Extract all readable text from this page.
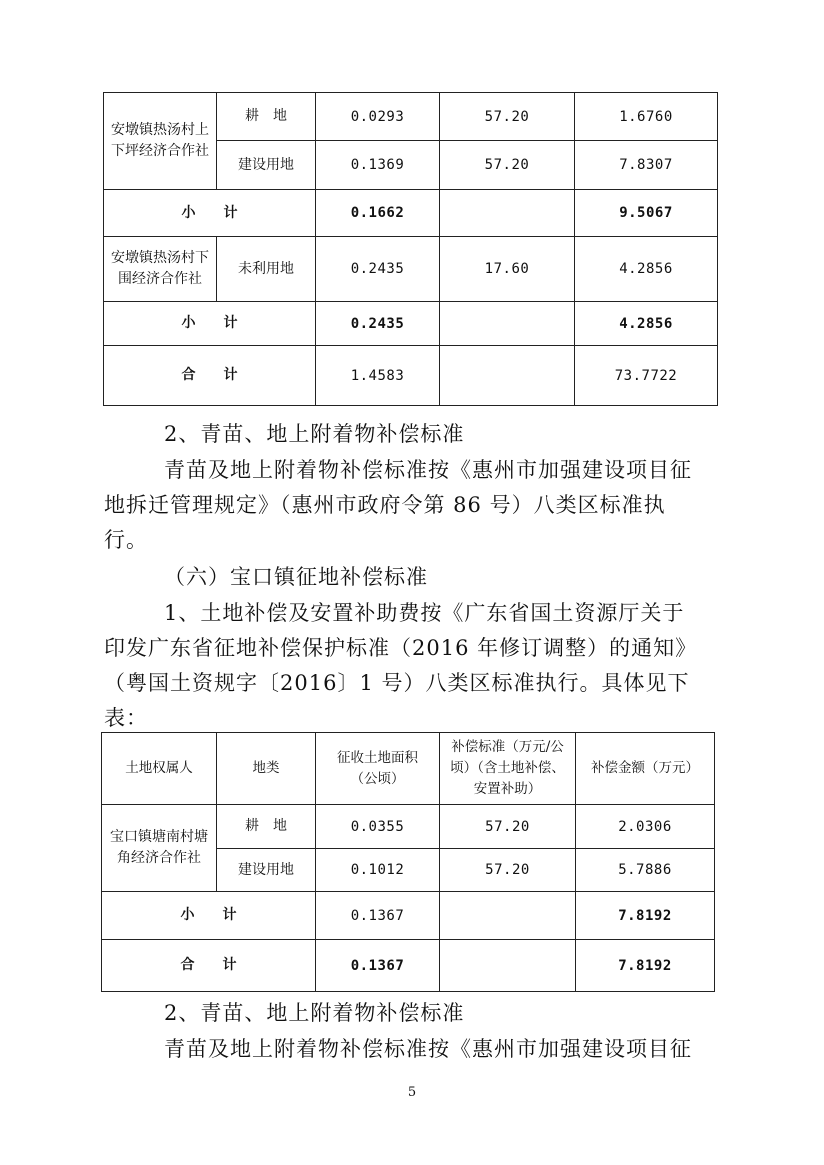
安墩镇热汤村上下坪经济合作社	耕　地	0.0293	57.20	1.6760
	建设用地	0.1369	57.20	7.8307
小　　计		0.1662		9.5067
安墩镇热汤村下围经济合作社	未利用地	0.2435	17.60	4.2856
小　　计		0.2435		4.2856
合　　计		1.4583		73.7722

2、青苗、地上附着物补偿标准

青苗及地上附着物补偿标准按《惠州市加强建设项目征地拆迁管理规定》（惠州市政府令第 86 号）八类区标准执行。

（六）宝口镇征地补偿标准

1、土地补偿及安置补助费按《广东省国土资源厅关于印发广东省征地补偿保护标准（2016 年修订调整）的通知》（粤国土资规字〔2016〕1 号）八类区标准执行。具体见下表：

土地权属人	地类	征收土地面积（公顷）	补偿标准（万元/公顷）（含土地补偿、安置补助）	补偿金额（万元）
宝口镇塘南村塘角经济合作社	耕　地	0.0355	57.20	2.0306
	建设用地	0.1012	57.20	5.7886
小　　计		0.1367		7.8192
合　　计		0.1367		7.8192

2、青苗、地上附着物补偿标准

青苗及地上附着物补偿标准按《惠州市加强建设项目征

5
